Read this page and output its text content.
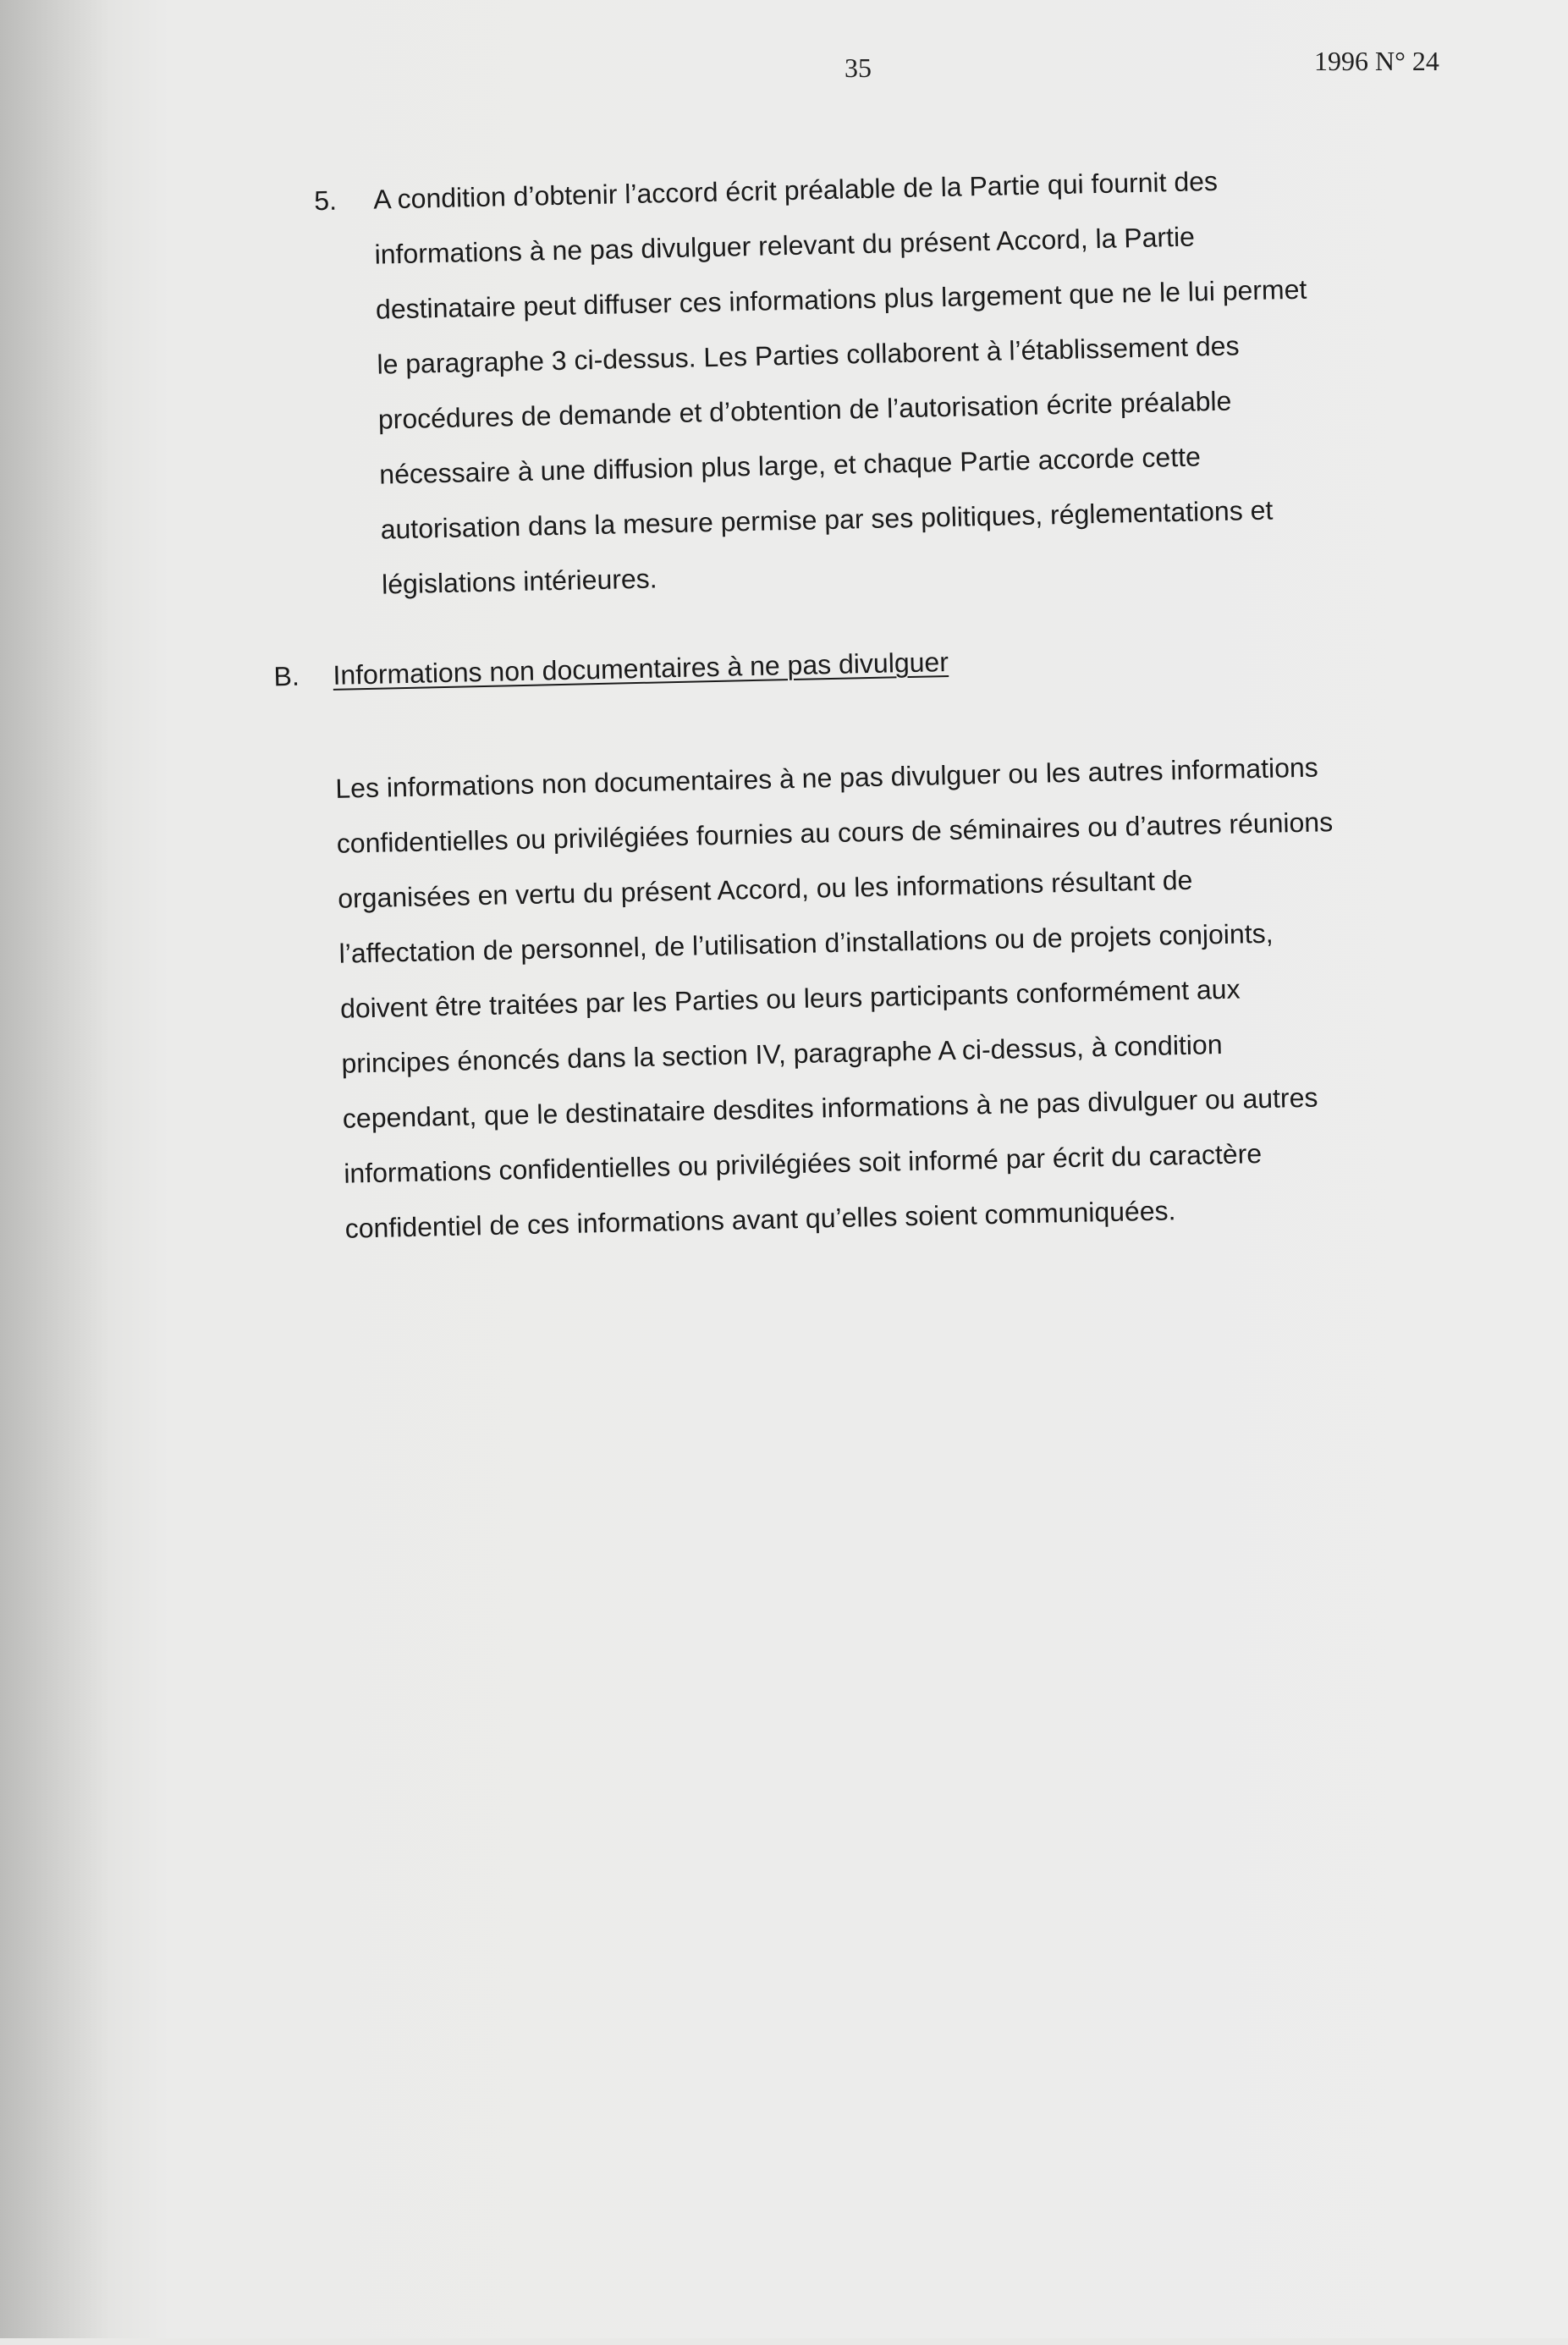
35	1996 N° 24
5. A condition d’obtenir l’accord écrit préalable de la Partie qui fournit des
informations à ne pas divulguer relevant du présent Accord, la Partie
destinataire peut diffuser ces informations plus largement que ne le lui permet
le paragraphe 3 ci-dessus. Les Parties collaborent à l’établissement des
procédures de demande et d’obtention de l’autorisation écrite préalable
nécessaire à une diffusion plus large, et chaque Partie accorde cette
autorisation dans la mesure permise par ses politiques, réglementations et
législations intérieures.
B. Informations non documentaires à ne pas divulguer
Les informations non documentaires à ne pas divulguer ou les autres informations
confidentielles ou privilégiées fournies au cours de séminaires ou d’autres réunions
organisées en vertu du présent Accord, ou les informations résultant de
l’affectation de personnel, de l’utilisation d’installations ou de projets conjoints,
doivent être traitées par les Parties ou leurs participants conformément aux
principes énoncés dans la section IV, paragraphe A ci-dessus, à condition
cependant, que le destinataire desdites informations à ne pas divulguer ou autres
informations confidentielles ou privilégiées soit informé par écrit du caractère
confidentiel de ces informations avant qu’elles soient communiquées.
